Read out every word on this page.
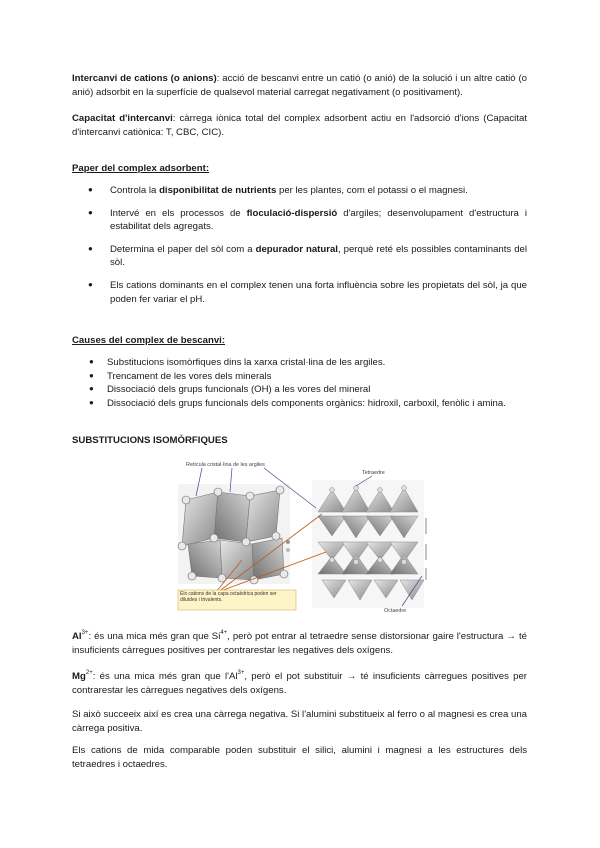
Intercanvi de cations (o anions): acció de bescanvi entre un catió (o anió) de la solució i un altre catió (o anió) adsorbit en la superfície de qualsevol material carregat negativament (o positivament).

Capacitat d'intercanvi: càrrega iònica total del complex adsorbent actiu en l'adsorció d'ions (Capacitat d'intercanvi catiònica: T, CBC, CIC).

Paper del complex adsorbent:

● Controla la disponibilitat de nutrients per les plantes, com el potassi o el magnesi.
● Intervé en els processos de floculació-dispersió d'argiles; desenvolupament d'estructura i estabilitat dels agregats.
● Determina el paper del sòl com a depurador natural, perquè reté els possibles contaminants del sòl.
● Els cations dominants en el complex tenen una forta influència sobre les propietats del sòl, ja que poden fer variar el pH.

Causes del complex de bescanvi:

● Substitucions isomòrfiques dins la xarxa cristal·lina de les argiles.
● Trencament de les vores dels minerals
● Dissociació dels grups funcionals (OH) a les vores del mineral
● Dissociació dels grups funcionals dels components orgànics: hidroxil, carboxil, fenòlic i amina.

SUBSTITUCIONS ISOMÒRFIQUES

Retícula cristal·lina de les argiles
Tetraedre
Octaedre
Els cations de la capa octaèdrica poden ser diluïdes i trivalents.

$Al^{3+}$: és una mica més gran que $Si^{4+}$, però pot entrar al tetraedre sense distorsionar gaire l'estructura → té insuficients càrregues positives per contrarestar les negatives dels oxígens.

$Mg^{2+}$: és una mica més gran que $l'Al^{3+}$, però el pot substituir → té insuficients càrregues positives per contrarestar les càrregues negatives dels oxígens.

Si això succeeix així es crea una càrrega negativa. Si l'alumini substitueix al ferro o al magnesi es crea una càrrega positiva.

Els cations de mida comparable poden substituir el silici, alumini i magnesi a les estructures dels tetraedres i octaedres.
